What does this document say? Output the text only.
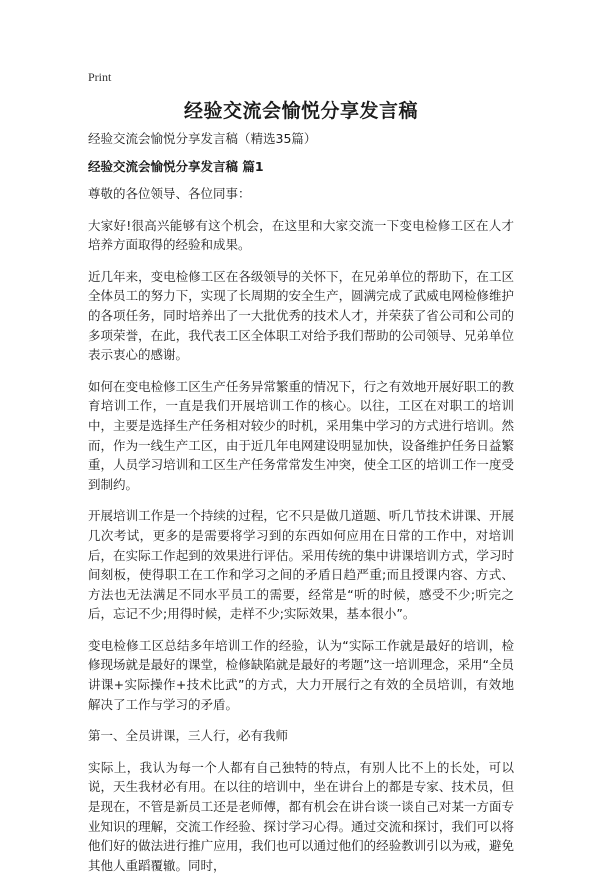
Print
经验交流会愉悦分享发言稿
经验交流会愉悦分享发言稿（精选35篇）
经验交流会愉悦分享发言稿 篇1

尊敬的各位领导、各位同事：

大家好!很高兴能够有这个机会，在这里和大家交流一下变电检修工区在人才培养方面取得的经验和成果。

近几年来，变电检修工区在各级领导的关怀下，在兄弟单位的帮助下，在工区全体员工的努力下，实现了长周期的安全生产，圆满完成了武威电网检修维护的各项任务，同时培养出了一大批优秀的技术人才，并荣获了省公司和公司的多项荣誉，在此，我代表工区全体职工对给予我们帮助的公司领导、兄弟单位表示衷心的感谢。

如何在变电检修工区生产任务异常繁重的情况下，行之有效地开展好职工的教育培训工作，一直是我们开展培训工作的核心。以往，工区在对职工的培训中，主要是选择生产任务相对较少的时机，采用集中学习的方式进行培训。然而，作为一线生产工区，由于近几年电网建设明显加快，设备维护任务日益繁重，人员学习培训和工区生产任务常常发生冲突，使全工区的培训工作一度受到制约。

开展培训工作是一个持续的过程，它不只是做几道题、听几节技术讲课、开展几次考试，更多的是需要将学习到的东西如何应用在日常的工作中，对培训后，在实际工作起到的效果进行评估。采用传统的集中讲课培训方式，学习时间刻板，使得职工在工作和学习之间的矛盾日趋严重;而且授课内容、方式、方法也无法满足不同水平员工的需要，经常是“听的时候，感受不少;听完之后，忘记不少;用得时候，走样不少;实际效果，基本很小”。

变电检修工区总结多年培训工作的经验，认为“实际工作就是最好的培训，检修现场就是最好的课堂，检修缺陷就是最好的考题”这一培训理念，采用“全员讲课+实际操作+技术比武”的方式，大力开展行之有效的全员培训，有效地解决了工作与学习的矛盾。

第一、全员讲课，三人行，必有我师

实际上，我认为每一个人都有自己独特的特点，有别人比不上的长处，可以说，天生我材必有用。在以往的培训中，坐在讲台上的都是专家、技术员，但是现在，不管是新员工还是老师傅，都有机会在讲台谈一谈自己对某一方面专业知识的理解，交流工作经验、探讨学习心得。通过交流和探讨，我们可以将他们好的做法进行推广应用，我们也可以通过他们的经验教训引以为戒，避免其他人重蹈覆辙。同时，
